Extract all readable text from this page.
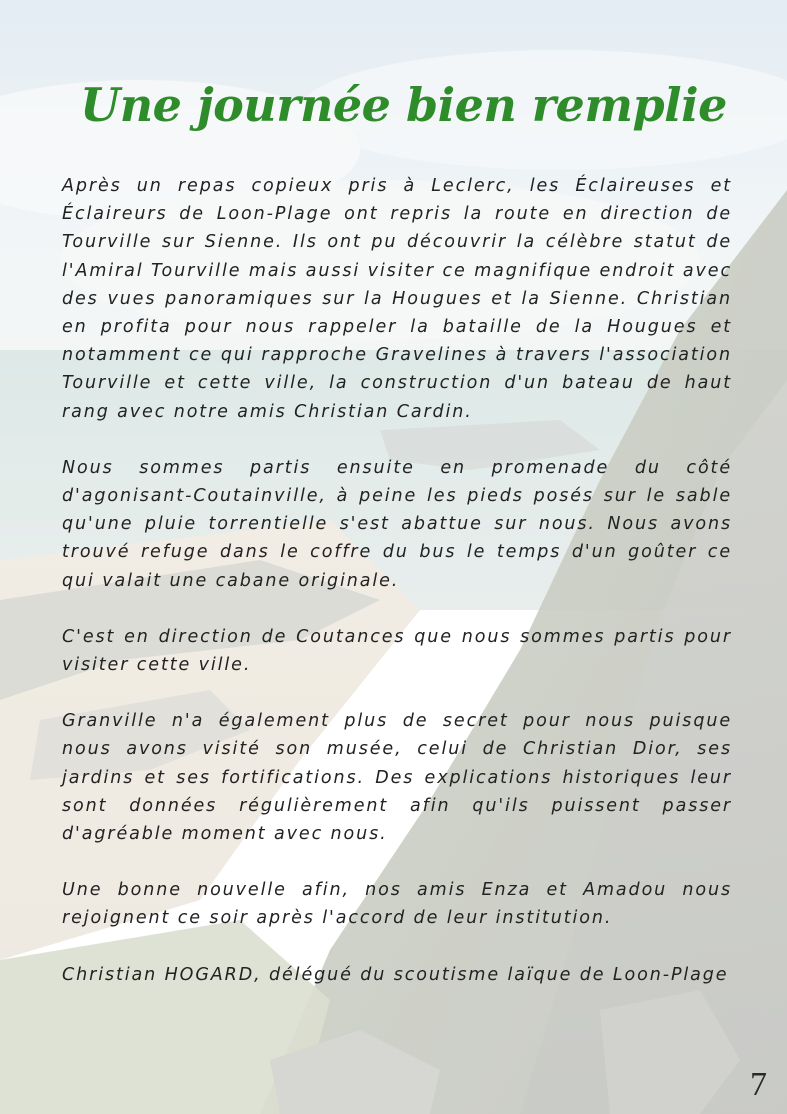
Une journée bien remplie

Après un repas copieux pris à Leclerc, les Éclaireuses et Éclaireurs de Loon-Plage ont repris la route en direction de Tourville sur Sienne. Ils ont pu découvrir la célèbre statut de l'Amiral Tourville mais aussi visiter ce magnifique endroit avec des vues panoramiques sur la Hougues et la Sienne. Christian en profita pour nous rappeler la bataille de la Hougues et notamment ce qui rapproche Gravelines à travers l'association Tourville et cette ville, la construction d'un bateau de haut rang avec notre amis Christian Cardin.

Nous sommes partis ensuite en promenade du côté d'agonisant-Coutainville, à peine les pieds posés sur le sable qu'une pluie torrentielle s'est abattue sur nous. Nous avons trouvé refuge dans le coffre du bus le temps d'un goûter ce qui valait une cabane originale.

C'est en direction de Coutances que nous sommes partis pour visiter cette ville.

Granville n'a également plus de secret pour nous puisque nous avons visité son musée, celui de Christian Dior, ses jardins et ses fortifications. Des explications historiques leur sont données régulièrement afin qu'ils puissent passer d'agréable moment avec nous.

Une bonne nouvelle afin, nos amis Enza et Amadou nous rejoignent ce soir après l'accord de leur institution.

Christian HOGARD, délégué du scoutisme laïque de Loon-Plage

7
